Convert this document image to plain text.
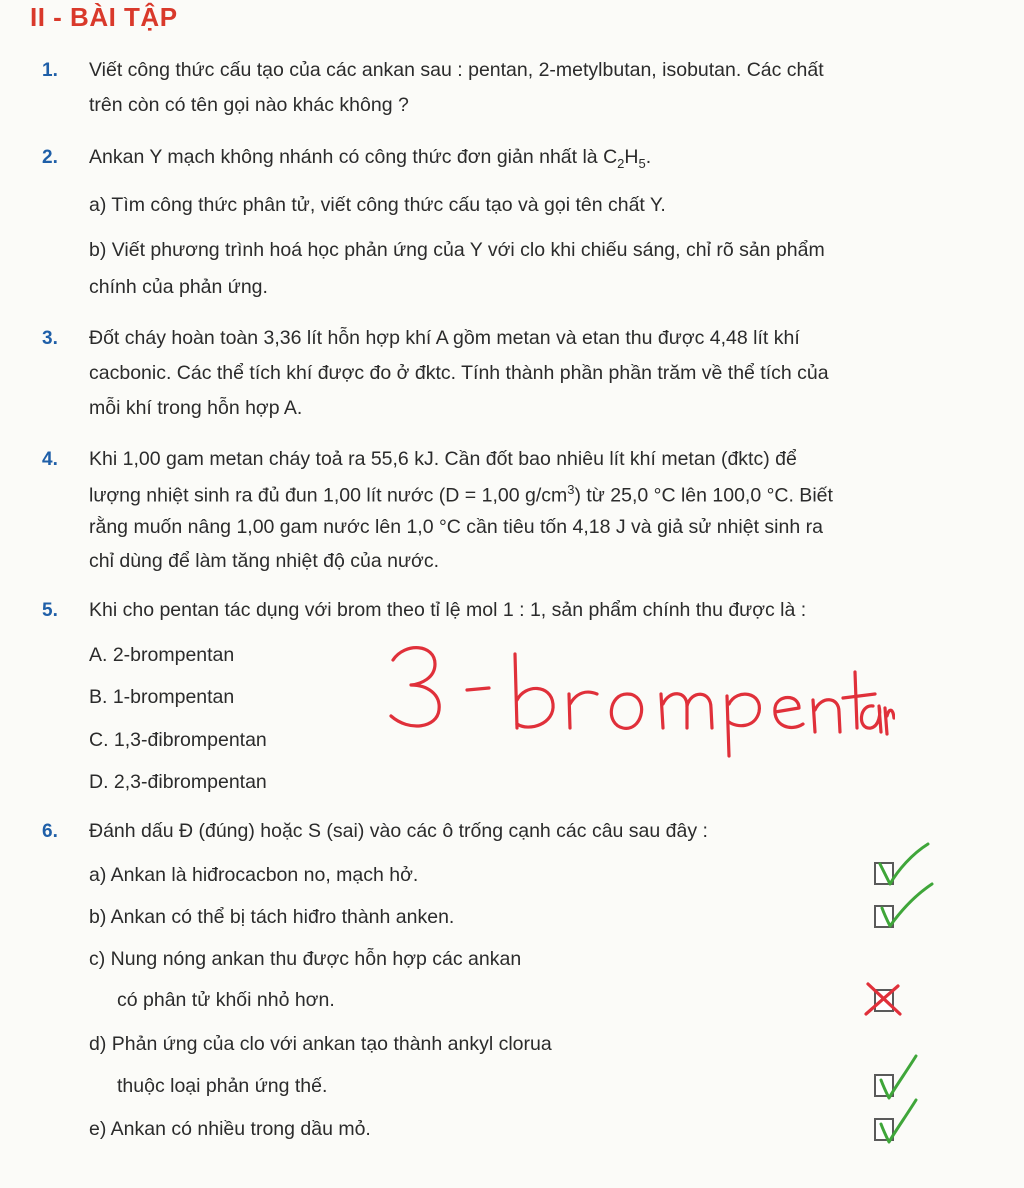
II - BÀI TẬP
1.	Viết công thức cấu tạo của các ankan sau : pentan, 2-metylbutan, isobutan. Các chất
trên còn có tên gọi nào khác không ?
2.	Ankan Y mạch không nhánh có công thức đơn giản nhất là $C_2H_5$.
a) Tìm công thức phân tử, viết công thức cấu tạo và gọi tên chất Y.
b) Viết phương trình hoá học phản ứng của Y với clo khi chiếu sáng, chỉ rõ sản phẩm
chính của phản ứng.
3.	Đốt cháy hoàn toàn 3,36 lít hỗn hợp khí A gồm metan và etan thu được 4,48 lít khí
cacbonic. Các thể tích khí được đo ở đktc. Tính thành phần phần trăm về thể tích của
mỗi khí trong hỗn hợp A.
4.	Khi 1,00 gam metan cháy toả ra 55,6 kJ. Cần đốt bao nhiêu lít khí metan (đktc) để
lượng nhiệt sinh ra đủ đun 1,00 lít nước (D = 1,00 $g/cm^3$) từ 25,0 °C lên 100,0 °C. Biết
rằng muốn nâng 1,00 gam nước lên 1,0 °C cần tiêu tốn 4,18 J và giả sử nhiệt sinh ra
chỉ dùng để làm tăng nhiệt độ của nước.
5.	Khi cho pentan tác dụng với brom theo tỉ lệ mol 1 : 1, sản phẩm chính thu được là :
A. 2-brompentan
B. 1-brompentan
C. 1,3-đibrompentan
D. 2,3-đibrompentan
6.	Đánh dấu Đ (đúng) hoặc S (sai) vào các ô trống cạnh các câu sau đây :
a) Ankan là hiđrocacbon no, mạch hở.
b) Ankan có thể bị tách hiđro thành anken.
c) Nung nóng ankan thu được hỗn hợp các ankan
có phân tử khối nhỏ hơn.
d) Phản ứng của clo với ankan tạo thành ankyl clorua
thuộc loại phản ứng thế.
e) Ankan có nhiều trong dầu mỏ.
